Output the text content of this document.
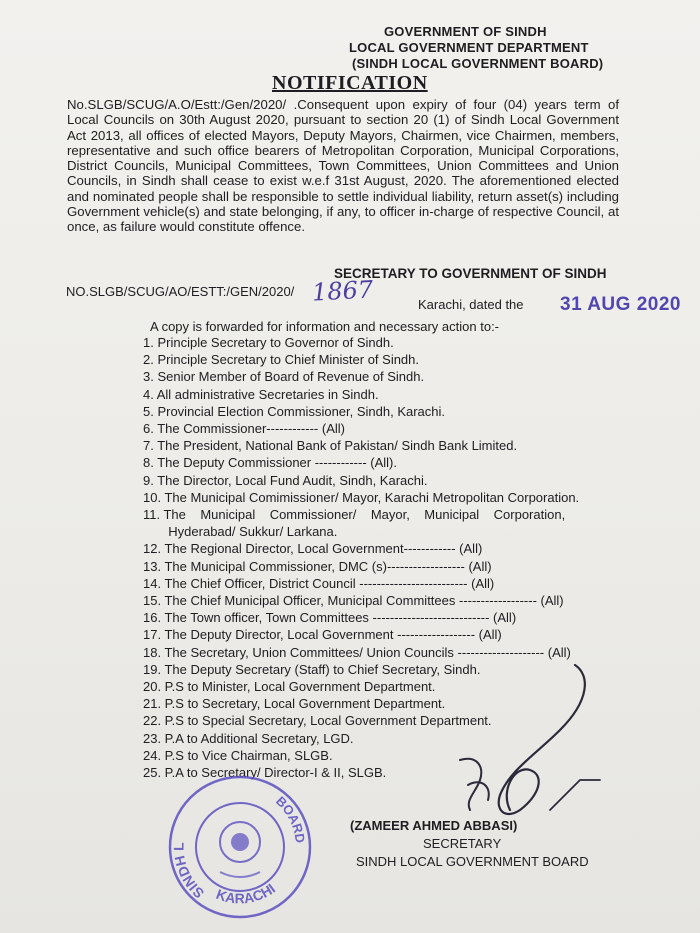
GOVERNMENT OF SINDH
LOCAL GOVERNMENT DEPARTMENT
(SINDH LOCAL GOVERNMENT BOARD)
NOTIFICATION
No.SLGB/SCUG/A.O/Estt:/Gen/2020/ .Consequent upon expiry of four (04) years term of Local Councils on 30th August 2020, pursuant to section 20 (1) of Sindh Local Government Act 2013, all offices of elected Mayors, Deputy Mayors, Chairmen, vice Chairmen, members, representative and such office bearers of Metropolitan Corporation, Municipal Corporations, District Councils, Municipal Committees, Town Committees, Union Committees and Union Councils, in Sindh shall cease to exist w.e.f 31st August, 2020. The aforementioned elected and nominated people shall be responsible to settle individual liability, return asset(s) including Government vehicle(s) and state belonging, if any, to officer in-charge of respective Council, at once, as failure would constitute offence.
SECRETARY TO GOVERNMENT OF SINDH
NO.SLGB/SCUG/AO/ESTT:/GEN/2020/ 1867	Karachi, dated the 31 AUG 2020
A copy is forwarded for information and necessary action to:-
1. Principle Secretary to Governor of Sindh.
2. Principle Secretary to Chief Minister of Sindh.
3. Senior Member of Board of Revenue of Sindh.
4. All administrative Secretaries in Sindh.
5. Provincial Election Commissioner, Sindh, Karachi.
6. The Commissioner------------ (All)
7. The President, National Bank of Pakistan/ Sindh Bank Limited.
8. The Deputy Commissioner ------------ (All).
9. The Director, Local Fund Audit, Sindh, Karachi.
10. The Municipal Comimissioner/ Mayor, Karachi Metropolitan Corporation.
11. The    Municipal    Commissioner/    Mayor,    Municipal    Corporation,
Hyderabad/ Sukkur/ Larkana.
12. The Regional Director, Local Government------------ (All)
13. The Municipal Commissioner, DMC (s)------------------ (All)
14. The Chief Officer, District Council ------------------------- (All)
15. The Chief Municipal Officer, Municipal Committees ------------------ (All)
16. The Town officer, Town Committees --------------------------- (All)
17. The Deputy Director, Local Government ------------------ (All)
18. The Secretary, Union Committees/ Union Councils -------------------- (All)
19. The Deputy Secretary (Staff) to Chief Secretary, Sindh.
20. P.S to Minister, Local Government Department.
21. P.S to Secretary, Local Government Department.
22. P.S to Special Secretary, Local Government Department.
23. P.A to Additional Secretary, LGD.
24. P.S to Vice Chairman, SLGB.
25. P.A to Secretary/ Director-I & II, SLGB.
SINDH L
BOARD
KARACHI
(ZAMEER AHMED ABBASI)
SECRETARY
SINDH LOCAL GOVERNMENT BOARD
